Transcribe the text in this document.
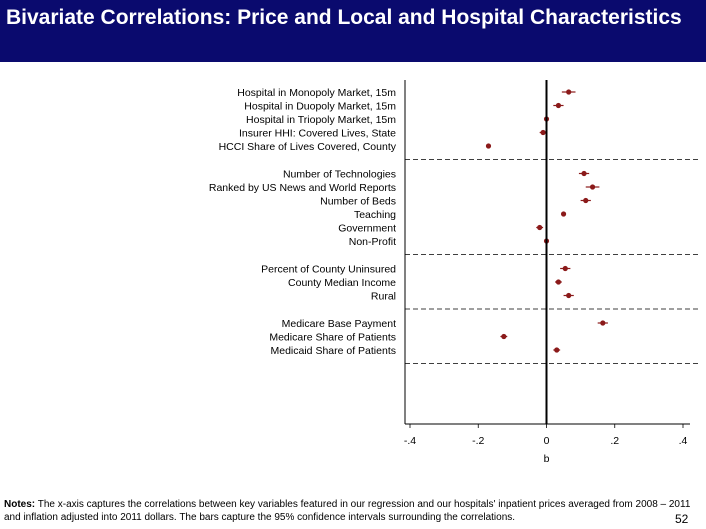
Bivariate Correlations: Price and Local and Hospital Characteristics
Hospital in Monopoly Market, 15m
Hospital in Duopoly Market, 15m
Hospital in Triopoly Market, 15m
Insurer HHI: Covered Lives, State
HCCI Share of Lives Covered, County
Number of Technologies
Ranked by US News and World Reports
Number of Beds
Teaching
Government
Non-Profit
Percent of County Uninsured
County Median Income
Rural
Medicare Base Payment
Medicare Share of Patients
Medicaid Share of Patients
-.4	-.2	0	.2	.4
b
Notes: The x-axis captures the correlations between key variables featured in our regression and our hospitals' inpatient prices averaged from 2008 – 2011 and inflation adjusted into 2011 dollars. The bars capture the 95% confidence intervals surrounding the correlations.	52
